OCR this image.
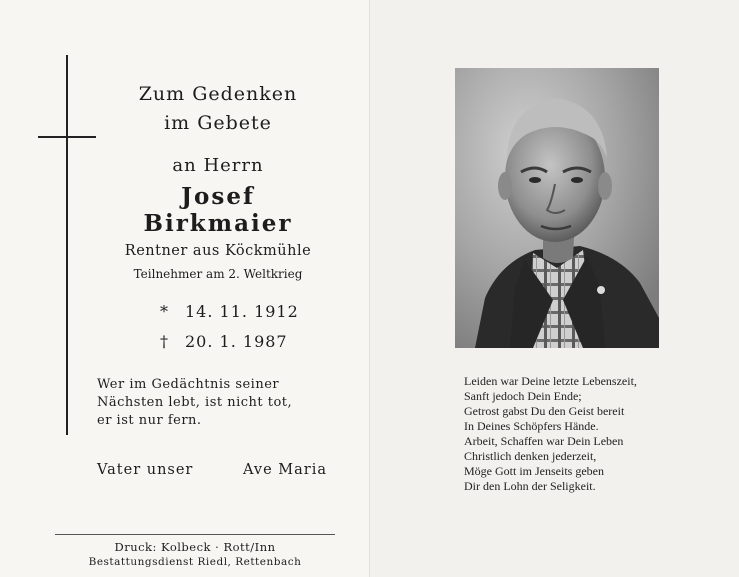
Zum Gedenken
im Gebete
an Herrn
Josef
Birkmaier
Rentner aus Köckmühle
Teilnehmer am 2. Weltkrieg
* 14. 11. 1912
† 20. 1. 1987
Wer im Gedächtnis seiner
Nächsten lebt, ist nicht tot,
er ist nur fern.
Vater unser	Ave Maria
Druck: Kolbeck · Rott/Inn
Bestattungsdienst Riedl, Rettenbach
Leiden war Deine letzte Lebenszeit,
Sanft jedoch Dein Ende;
Getrost gabst Du den Geist bereit
In Deines Schöpfers Hände.
Arbeit, Schaffen war Dein Leben
Christlich denken jederzeit,
Möge Gott im Jenseits geben
Dir den Lohn der Seligkeit.
